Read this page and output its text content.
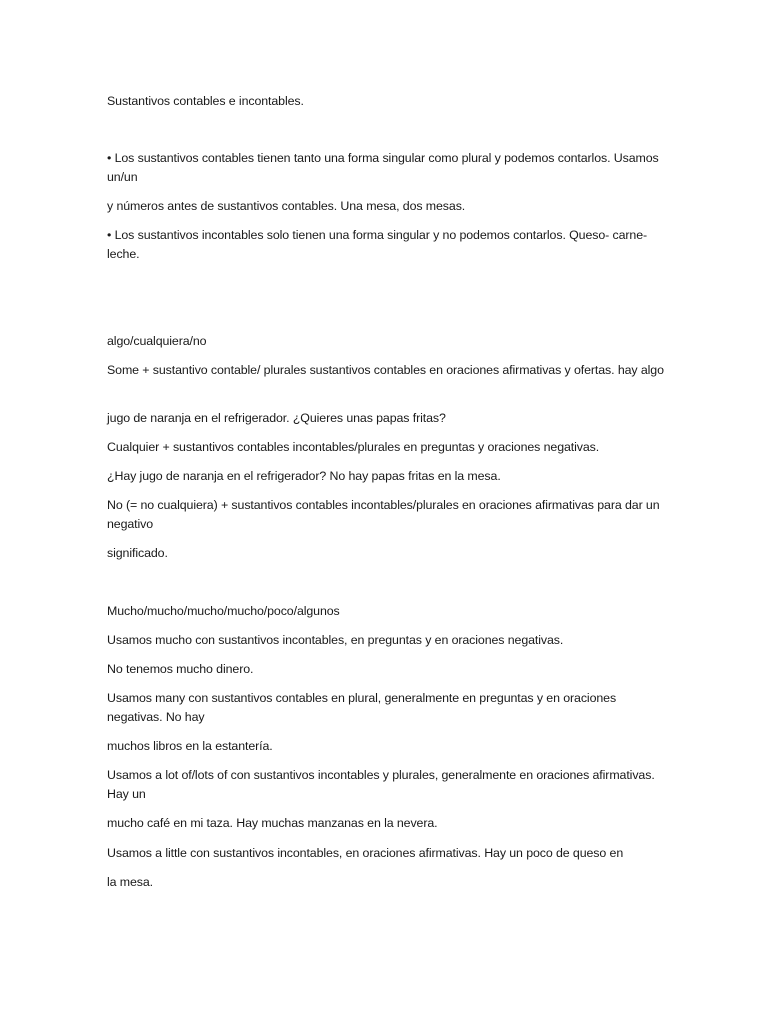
Sustantivos contables e incontables.
• Los sustantivos contables tienen tanto una forma singular como plural y podemos contarlos. Usamos un/un
y números antes de sustantivos contables. Una mesa, dos mesas.
• Los sustantivos incontables solo tienen una forma singular y no podemos contarlos. Queso- carne- leche.
algo/cualquiera/no
Some + sustantivo contable/ plurales sustantivos contables en oraciones afirmativas y ofertas. hay algo
jugo de naranja en el refrigerador. ¿Quieres unas papas fritas?
Cualquier + sustantivos contables incontables/plurales en preguntas y oraciones negativas.
¿Hay jugo de naranja en el refrigerador? No hay papas fritas en la mesa.
No (= no cualquiera) + sustantivos contables incontables/plurales en oraciones afirmativas para dar un negativo
significado.
Mucho/mucho/mucho/mucho/poco/algunos
Usamos mucho con sustantivos incontables, en preguntas y en oraciones negativas.
No tenemos mucho dinero.
Usamos many con sustantivos contables en plural, generalmente en preguntas y en oraciones negativas. No hay
muchos libros en la estantería.
Usamos a lot of/lots of con sustantivos incontables y plurales, generalmente en oraciones afirmativas. Hay un
mucho café en mi taza. Hay muchas manzanas en la nevera.
Usamos a little con sustantivos incontables, en oraciones afirmativas. Hay un poco de queso en
la mesa.
